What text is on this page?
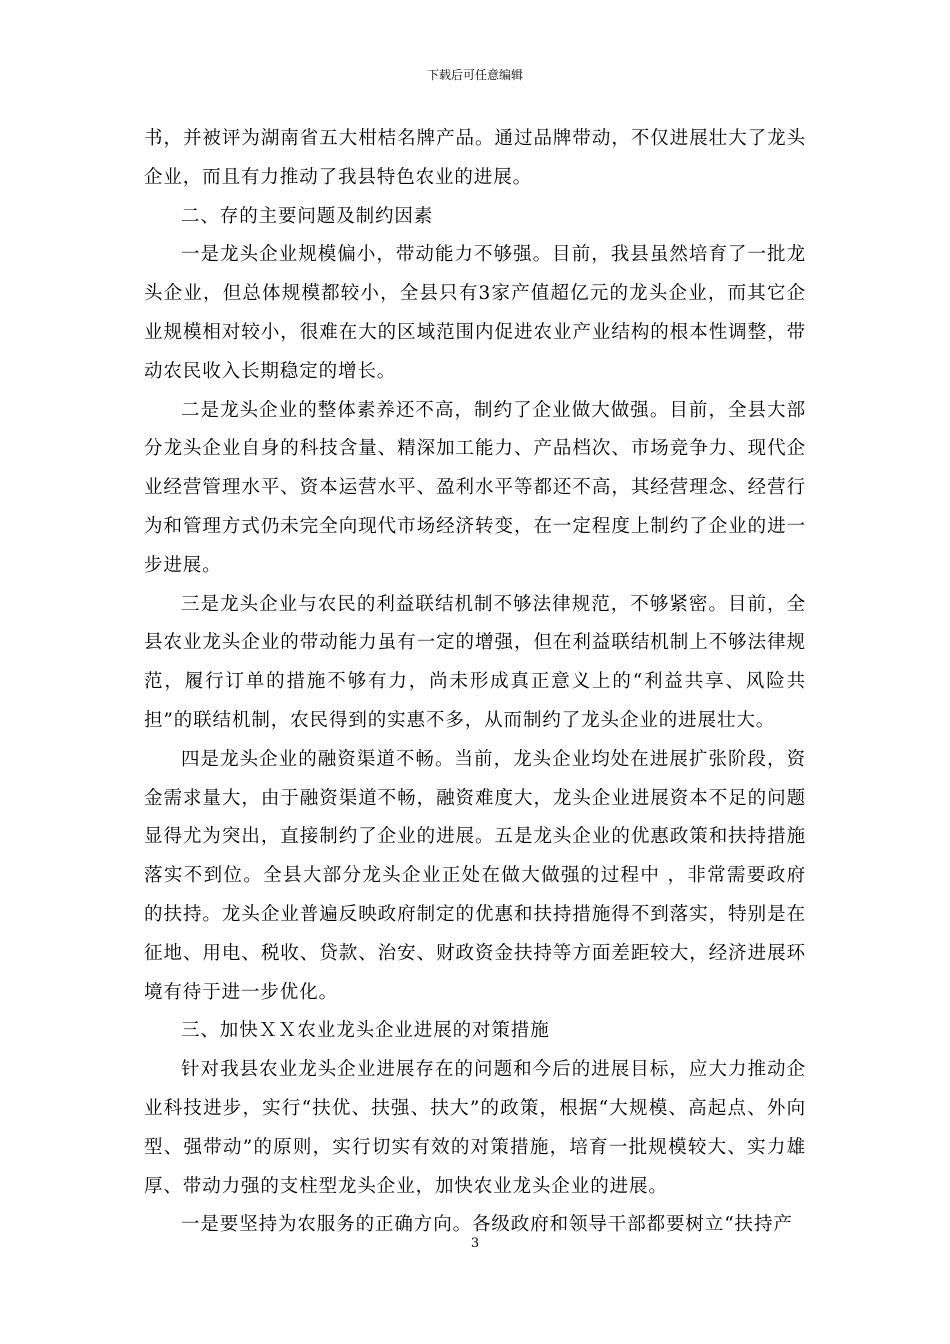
下载后可任意编辑

书，并被评为湖南省五大柑桔名牌产品。通过品牌带动，不仅进展壮大了龙头企业，而且有力推动了我县特色农业的进展。

二、存的主要问题及制约因素

一是龙头企业规模偏小，带动能力不够强。目前，我县虽然培育了一批龙头企业，但总体规模都较小，全县只有3家产值超亿元的龙头企业，而其它企业规模相对较小，很难在大的区域范围内促进农业产业结构的根本性调整，带动农民收入长期稳定的增长。

二是龙头企业的整体素养还不高，制约了企业做大做强。目前，全县大部分龙头企业自身的科技含量、精深加工能力、产品档次、市场竞争力、现代企业经营管理水平、资本运营水平、盈利水平等都还不高，其经营理念、经营行为和管理方式仍未完全向现代市场经济转变，在一定程度上制约了企业的进一步进展。

三是龙头企业与农民的利益联结机制不够法律规范，不够紧密。目前，全县农业龙头企业的带动能力虽有一定的增强，但在利益联结机制上不够法律规范，履行订单的措施不够有力，尚未形成真正意义上的“利益共享、风险共担”的联结机制，农民得到的实惠不多，从而制约了龙头企业的进展壮大。

四是龙头企业的融资渠道不畅。当前，龙头企业均处在进展扩张阶段，资金需求量大，由于融资渠道不畅，融资难度大，龙头企业进展资本不足的问题显得尤为突出，直接制约了企业的进展。五是龙头企业的优惠政策和扶持措施落实不到位。全县大部分龙头企业正处在做大做强的过程中 ，非常需要政府的扶持。龙头企业普遍反映政府制定的优惠和扶持措施得不到落实，特别是在征地、用电、税收、贷款、治安、财政资金扶持等方面差距较大，经济进展环境有待于进一步优化。

三、加快ＸＸ农业龙头企业进展的对策措施

针对我县农业龙头企业进展存在的问题和今后的进展目标，应大力推动企业科技进步，实行“扶优、扶强、扶大”的政策，根据“大规模、高起点、外向型、强带动”的原则，实行切实有效的对策措施，培育一批规模较大、实力雄厚、带动力强的支柱型龙头企业，加快农业龙头企业的进展。

一是要坚持为农服务的正确方向。各级政府和领导干部都要树立“扶持产

3
